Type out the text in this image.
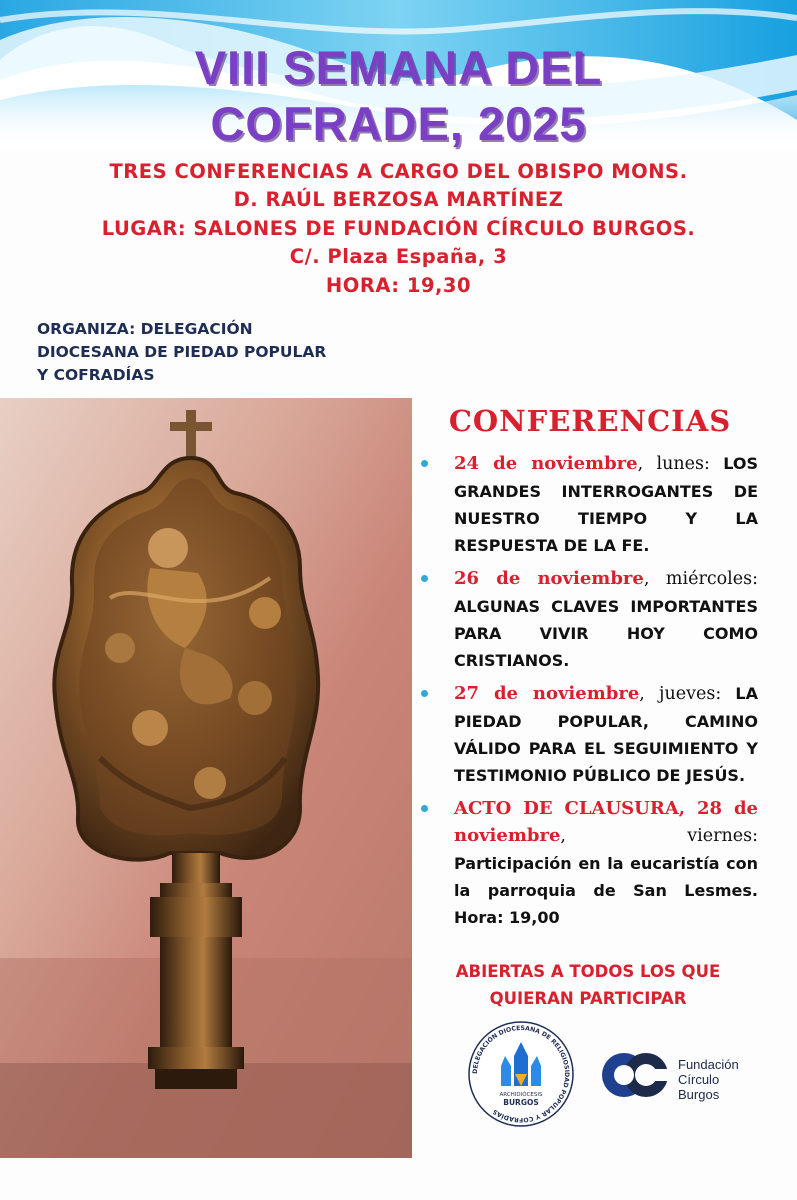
VIII SEMANA DEL
COFRADE, 2025
TRES CONFERENCIAS A CARGO DEL OBISPO MONS.
D. RAÚL BERZOSA MARTÍNEZ
LUGAR: SALONES DE FUNDACIÓN CÍRCULO BURGOS.
C/. Plaza España, 3
HORA: 19,30
ORGANIZA: DELEGACIÓN
DIOCESANA DE PIEDAD POPULAR
Y COFRADÍAS
CONFERENCIAS

24 de noviembre, lunes: LOS GRANDES INTERROGANTES DE NUESTRO TIEMPO Y LA RESPUESTA DE LA FE.

26 de noviembre, miércoles: ALGUNAS CLAVES IMPORTANTES PARA VIVIR HOY COMO CRISTIANOS.

27 de noviembre, jueves: LA PIEDAD POPULAR, CAMINO VÁLIDO PARA EL SEGUIMIENTO Y TESTIMONIO PÚBLICO DE JESÚS.

ACTO DE CLAUSURA, 28 de noviembre, viernes: Participación en la eucaristía con la parroquia de San Lesmes. Hora: 19,00

ABIERTAS A TODOS LOS QUE
QUIERAN PARTICIPAR
DELEGACIÓN DIOCESANA DE RELIGIOSIDAD POPULAR Y COFRADÍAS
ARCHIDIÓCESIS
BURGOS
Fundación
Círculo
Burgos
